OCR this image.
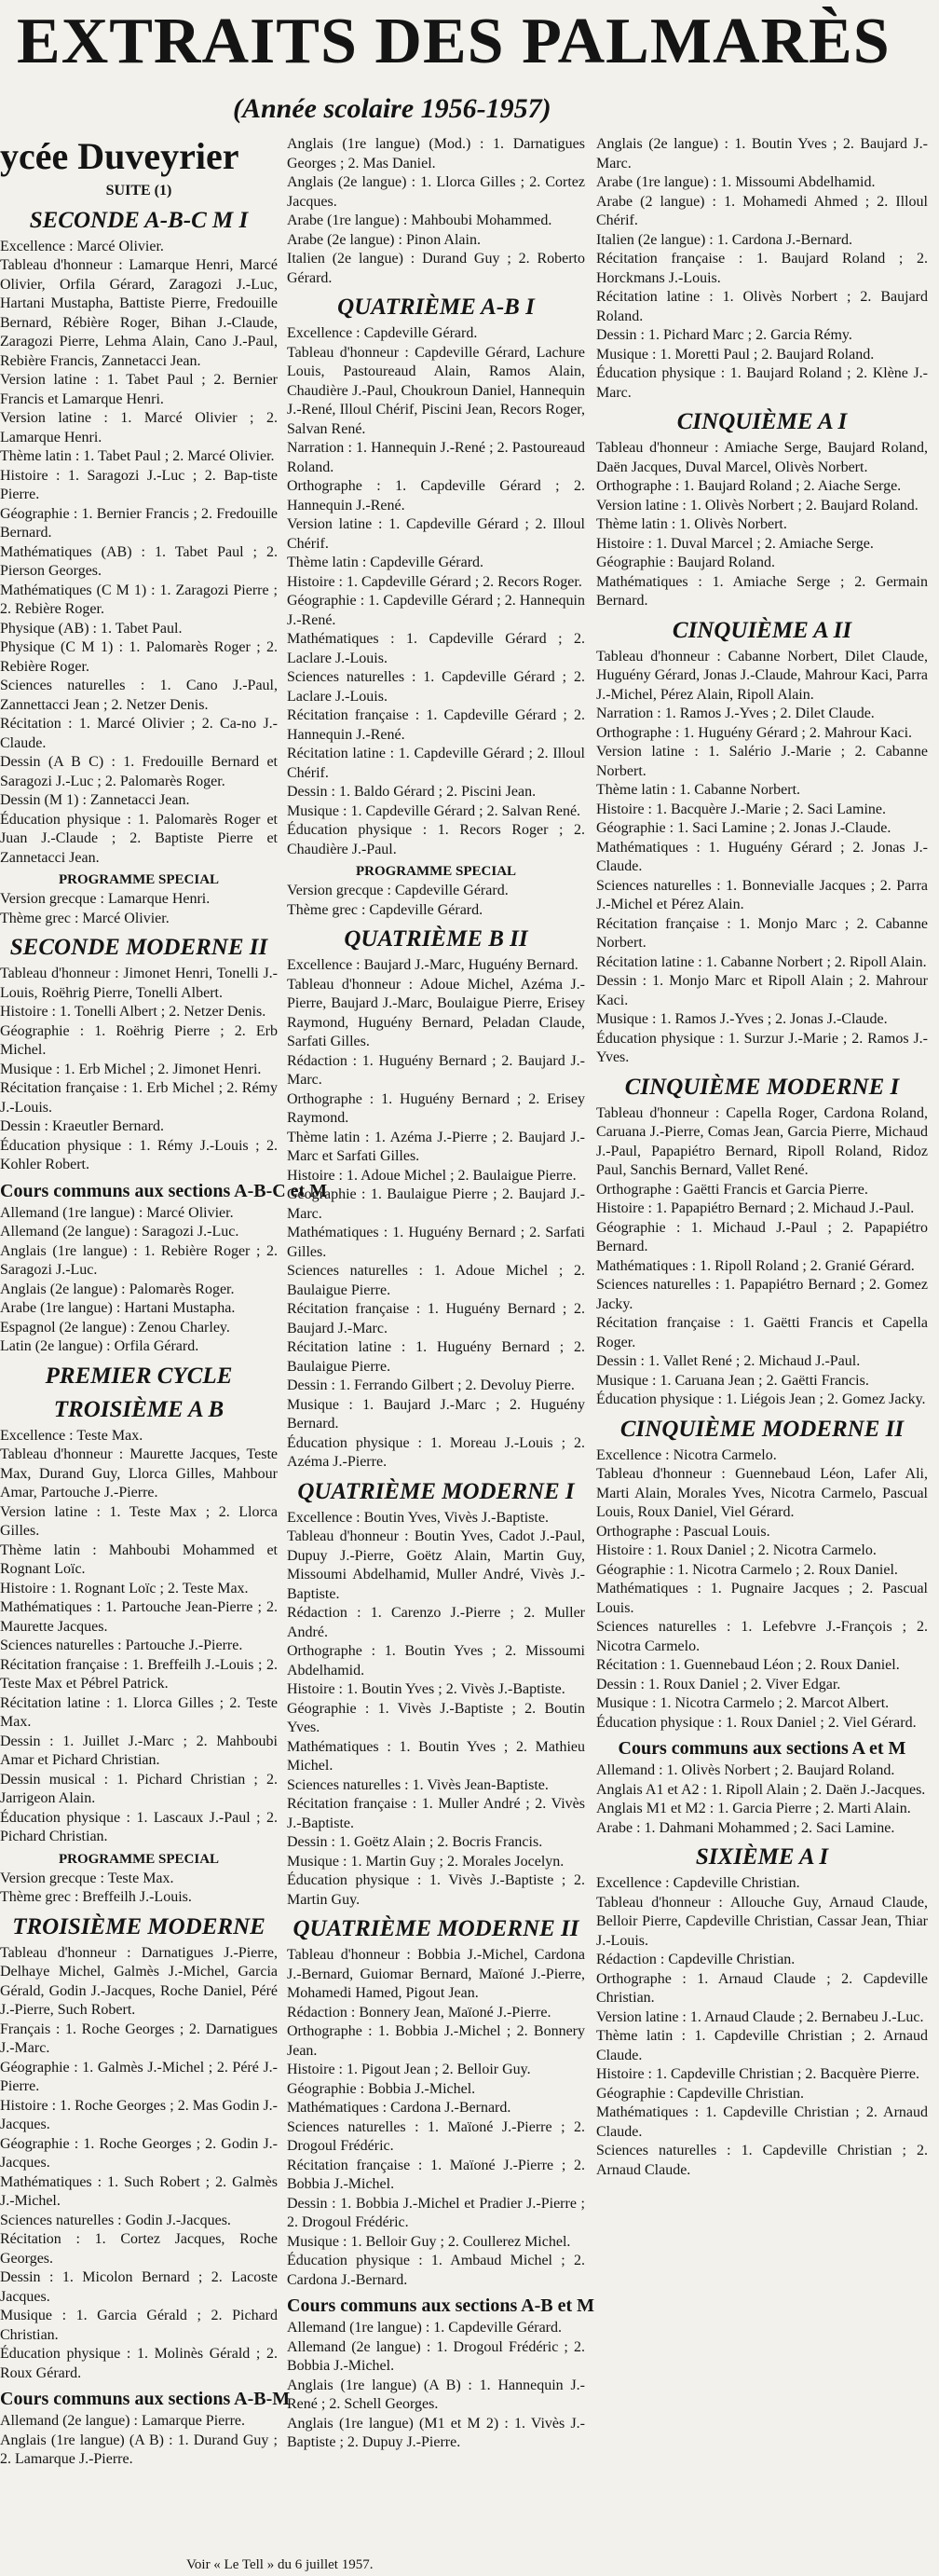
EXTRAITS DES PALMARÈS
(Année scolaire 1956-1957)
ycée Duveyrier
SUITE (1)
SECONDE A-B-C M I

Excellence : Marcé Olivier.

Tableau d'honneur : Lamarque Henri, Marcé Olivier, Orfila Gérard, Zaragozi J.-Luc, Hartani Mustapha, Battiste Pierre, Fredouille Bernard, Rébière Roger, Bihan J.-Claude, Zaragozi Pierre, Lehma Alain, Cano J.-Paul, Rebière Francis, Zannetacci Jean.

Version latine : 1. Tabet Paul ; 2. Bernier Francis et Lamarque Henri.

Version latine : 1. Marcé Olivier ; 2. Lamarque Henri.

Thème latin : 1. Tabet Paul ; 2. Marcé Olivier.

Histoire : 1. Saragozi J.-Luc ; 2. Bap-tiste Pierre.

Géographie : 1. Bernier Francis ; 2. Fredouille Bernard.

Mathématiques (AB) : 1. Tabet Paul ; 2. Pierson Georges.

Mathématiques (C M 1) : 1. Zaragozi Pierre ; 2. Rebière Roger.

Physique (AB) : 1. Tabet Paul.

Physique (C M 1) : 1. Palomarès Roger ; 2. Rebière Roger.

Sciences naturelles : 1. Cano J.-Paul, Zannettacci Jean ; 2. Netzer Denis.

Récitation : 1. Marcé Olivier ; 2. Ca-no J.-Claude.

Dessin (A B C) : 1. Fredouille Bernard et Saragozi J.-Luc ; 2. Palomarès Roger.

Dessin (M 1) : Zannetacci Jean.

Éducation physique : 1. Palomarès Roger et Juan J.-Claude ; 2. Baptiste Pierre et Zannetacci Jean.

PROGRAMME SPECIAL

Version grecque : Lamarque Henri.

Thème grec : Marcé Olivier.

SECONDE MODERNE II

Tableau d'honneur : Jimonet Henri, Tonelli J.-Louis, Roëhrig Pierre, Tonelli Albert.

Histoire : 1. Tonelli Albert ; 2. Netzer Denis.

Géographie : 1. Roëhrig Pierre ; 2. Erb Michel.

Musique : 1. Erb Michel ; 2. Jimonet Henri.

Récitation française : 1. Erb Michel ; 2. Rémy J.-Louis.

Dessin : Kraeutler Bernard.

Éducation physique : 1. Rémy J.-Louis ; 2. Kohler Robert.

Cours communs aux sections A-B-C et M

Allemand (1re langue) : Marcé Olivier.

Allemand (2e langue) : Saragozi J.-Luc.

Anglais (1re langue) : 1. Rebière Roger ; 2. Saragozi J.-Luc.

Anglais (2e langue) : Palomarès Roger.

Arabe (1re langue) : Hartani Mustapha.

Espagnol (2e langue) : Zenou Charley.

Latin (2e langue) : Orfila Gérard.

PREMIER CYCLE
TROISIÈME A B

Excellence : Teste Max.

Tableau d'honneur : Maurette Jacques, Teste Max, Durand Guy, Llorca Gilles, Mahbour Amar, Partouche J.-Pierre.

Version latine : 1. Teste Max ; 2. Llorca Gilles.

Thème latin : Mahboubi Mohammed et Rognant Loïc.

Histoire : 1. Rognant Loïc ; 2. Teste Max.

Mathématiques : 1. Partouche Jean-Pierre ; 2. Maurette Jacques.

Sciences naturelles : Partouche J.-Pierre.

Récitation française : 1. Breffeilh J.-Louis ; 2. Teste Max et Pébrel Patrick.

Récitation latine : 1. Llorca Gilles ; 2. Teste Max.

Dessin : 1. Juillet J.-Marc ; 2. Mahboubi Amar et Pichard Christian.

Dessin musical : 1. Pichard Christian ; 2. Jarrigeon Alain.

Éducation physique : 1. Lascaux J.-Paul ; 2. Pichard Christian.

PROGRAMME SPECIAL

Version grecque : Teste Max.

Thème grec : Breffeilh J.-Louis.

TROISIÈME MODERNE

Tableau d'honneur : Darnatigues J.-Pierre, Delhaye Michel, Galmès J.-Michel, Garcia Gérald, Godin J.-Jacques, Roche Daniel, Péré J.-Pierre, Such Robert.

Français : 1. Roche Georges ; 2. Darnatigues J.-Marc.

Géographie : 1. Galmès J.-Michel ; 2. Péré J.-Pierre.

Histoire : 1. Roche Georges ; 2. Mas Godin J.-Jacques.

Géographie : 1. Roche Georges ; 2. Godin J.-Jacques.

Mathématiques : 1. Such Robert ; 2. Galmès J.-Michel.

Sciences naturelles : Godin J.-Jacques.

Récitation : 1. Cortez Jacques, Roche Georges.

Dessin : 1. Micolon Bernard ; 2. Lacoste Jacques.

Musique : 1. Garcia Gérald ; 2. Pichard Christian.

Éducation physique : 1. Molinès Gérald ; 2. Roux Gérard.

Cours communs aux sections A-B-M

Allemand (2e langue) : Lamarque Pierre.

Anglais (1re langue) (A B) : 1. Durand Guy ; 2. Lamarque J.-Pierre.

Anglais (1re langue) (Mod.) : 1. Darnatigues Georges ; 2. Mas Daniel.

Anglais (2e langue) : 1. Llorca Gilles ; 2. Cortez Jacques.

Arabe (1re langue) : Mahboubi Mohammed.

Arabe (2e langue) : Pinon Alain.

Italien (2e langue) : Durand Guy ; 2. Roberto Gérard.

QUATRIÈME A-B I

Excellence : Capdeville Gérard.

Tableau d'honneur : Capdeville Gérard, Lachure Louis, Pastoureaud Alain, Ramos Alain, Chaudière J.-Paul, Choukroun Daniel, Hannequin J.-René, Illoul Chérif, Piscini Jean, Recors Roger, Salvan René.

Narration : 1. Hannequin J.-René ; 2. Pastoureaud Roland.

Orthographe : 1. Capdeville Gérard ; 2. Hannequin J.-René.

Version latine : 1. Capdeville Gérard ; 2. Illoul Chérif.

Thème latin : Capdeville Gérard.

Histoire : 1. Capdeville Gérard ; 2. Recors Roger.

Géographie : 1. Capdeville Gérard ; 2. Hannequin J.-René.

Mathématiques : 1. Capdeville Gérard ; 2. Laclare J.-Louis.

Sciences naturelles : 1. Capdeville Gérard ; 2. Laclare J.-Louis.

Récitation française : 1. Capdeville Gérard ; 2. Hannequin J.-René.

Récitation latine : 1. Capdeville Gérard ; 2. Illoul Chérif.

Dessin : 1. Baldo Gérard ; 2. Piscini Jean.

Musique : 1. Capdeville Gérard ; 2. Salvan René.

Éducation physique : 1. Recors Roger ; 2. Chaudière J.-Paul.

PROGRAMME SPECIAL

Version grecque : Capdeville Gérard.

Thème grec : Capdeville Gérard.

QUATRIÈME B II

Excellence : Baujard J.-Marc, Huguény Bernard.

Tableau d'honneur : Adoue Michel, Azéma J.-Pierre, Baujard J.-Marc, Boulaigue Pierre, Erisey Raymond, Huguény Bernard, Peladan Claude, Sarfati Gilles.

Rédaction : 1. Huguény Bernard ; 2. Baujard J.-Marc.

Orthographe : 1. Huguény Bernard ; 2. Erisey Raymond.

Thème latin : 1. Azéma J.-Pierre ; 2. Baujard J.-Marc et Sarfati Gilles.

Histoire : 1. Adoue Michel ; 2. Baulaigue Pierre.

Géographie : 1. Baulaigue Pierre ; 2. Baujard J.-Marc.

Mathématiques : 1. Huguény Bernard ; 2. Sarfati Gilles.

Sciences naturelles : 1. Adoue Michel ; 2. Baulaigue Pierre.

Récitation française : 1. Huguény Bernard ; 2. Baujard J.-Marc.

Récitation latine : 1. Huguény Bernard ; 2. Baulaigue Pierre.

Dessin : 1. Ferrando Gilbert ; 2. Devoluy Pierre.

Musique : 1. Baujard J.-Marc ; 2. Huguény Bernard.

Éducation physique : 1. Moreau J.-Louis ; 2. Azéma J.-Pierre.

QUATRIÈME MODERNE I

Excellence : Boutin Yves, Vivès J.-Baptiste.

Tableau d'honneur : Boutin Yves, Cadot J.-Paul, Dupuy J.-Pierre, Goëtz Alain, Martin Guy, Missoumi Abdelhamid, Muller André, Vivès J.-Baptiste.

Rédaction : 1. Carenzo J.-Pierre ; 2. Muller André.

Orthographe : 1. Boutin Yves ; 2. Missoumi Abdelhamid.

Histoire : 1. Boutin Yves ; 2. Vivès J.-Baptiste.

Géographie : 1. Vivès J.-Baptiste ; 2. Boutin Yves.

Mathématiques : 1. Boutin Yves ; 2. Mathieu Michel.

Sciences naturelles : 1. Vivès Jean-Baptiste.

Récitation française : 1. Muller André ; 2. Vivès J.-Baptiste.

Dessin : 1. Goëtz Alain ; 2. Bocris Francis.

Musique : 1. Martin Guy ; 2. Morales Jocelyn.

Éducation physique : 1. Vivès J.-Baptiste ; 2. Martin Guy.

QUATRIÈME MODERNE II

Tableau d'honneur : Bobbia J.-Michel, Cardona J.-Bernard, Guiomar Bernard, Maïoné J.-Pierre, Mohamedi Hamed, Pigout Jean.

Rédaction : Bonnery Jean, Maïoné J.-Pierre.

Orthographe : 1. Bobbia J.-Michel ; 2. Bonnery Jean.

Histoire : 1. Pigout Jean ; 2. Belloir Guy.

Géographie : Bobbia J.-Michel.

Mathématiques : Cardona J.-Bernard.

Sciences naturelles : 1. Maïoné J.-Pierre ; 2. Drogoul Frédéric.

Récitation française : 1. Maïoné J.-Pierre ; 2. Bobbia J.-Michel.

Dessin : 1. Bobbia J.-Michel et Pradier J.-Pierre ; 2. Drogoul Frédéric.

Musique : 1. Belloir Guy ; 2. Coullerez Michel.

Éducation physique : 1. Ambaud Michel ; 2. Cardona J.-Bernard.

Cours communs aux sections A-B et M

Allemand (1re langue) : 1. Capdeville Gérard.

Allemand (2e langue) : 1. Drogoul Frédéric ; 2. Bobbia J.-Michel.

Anglais (1re langue) (A B) : 1. Hannequin J.-René ; 2. Schell Georges.

Anglais (1re langue) (M1 et M 2) : 1. Vivès J.-Baptiste ; 2. Dupuy J.-Pierre.

Anglais (2e langue) : 1. Boutin Yves ; 2. Baujard J.-Marc.

Arabe (1re langue) : 1. Missoumi Abdelhamid.

Arabe (2 langue) : 1. Mohamedi Ahmed ; 2. Illoul Chérif.

Italien (2e langue) : 1. Cardona J.-Bernard.

Récitation française : 1. Baujard Roland ; 2. Horckmans J.-Louis.

Récitation latine : 1. Olivès Norbert ; 2. Baujard Roland.

Dessin : 1. Pichard Marc ; 2. Garcia Rémy.

Musique : 1. Moretti Paul ; 2. Baujard Roland.

Éducation physique : 1. Baujard Roland ; 2. Klène J.-Marc.

CINQUIÈME A I

Tableau d'honneur : Amiache Serge, Baujard Roland, Daën Jacques, Duval Marcel, Olivès Norbert.

Orthographe : 1. Baujard Roland ; 2. Aiache Serge.

Version latine : 1. Olivès Norbert ; 2. Baujard Roland.

Thème latin : 1. Olivès Norbert.

Histoire : 1. Duval Marcel ; 2. Amiache Serge.

Géographie : Baujard Roland.

Mathématiques : 1. Amiache Serge ; 2. Germain Bernard.

CINQUIÈME A II

Tableau d'honneur : Cabanne Norbert, Dilet Claude, Huguény Gérard, Jonas J.-Claude, Mahrour Kaci, Parra J.-Michel, Pérez Alain, Ripoll Alain.

Narration : 1. Ramos J.-Yves ; 2. Dilet Claude.

Orthographe : 1. Huguény Gérard ; 2. Mahrour Kaci.

Version latine : 1. Salério J.-Marie ; 2. Cabanne Norbert.

Thème latin : 1. Cabanne Norbert.

Histoire : 1. Bacquère J.-Marie ; 2. Saci Lamine.

Géographie : 1. Saci Lamine ; 2. Jonas J.-Claude.

Mathématiques : 1. Huguény Gérard ; 2. Jonas J.-Claude.

Sciences naturelles : 1. Bonnevialle Jacques ; 2. Parra J.-Michel et Pérez Alain.

Récitation française : 1. Monjo Marc ; 2. Cabanne Norbert.

Récitation latine : 1. Cabanne Norbert ; 2. Ripoll Alain.

Dessin : 1. Monjo Marc et Ripoll Alain ; 2. Mahrour Kaci.

Musique : 1. Ramos J.-Yves ; 2. Jonas J.-Claude.

Éducation physique : 1. Surzur J.-Marie ; 2. Ramos J.-Yves.

CINQUIÈME MODERNE I

Tableau d'honneur : Capella Roger, Cardona Roland, Caruana J.-Pierre, Comas Jean, Garcia Pierre, Michaud J.-Paul, Papapiétro Bernard, Ripoll Roland, Ridoz Paul, Sanchis Bernard, Vallet René.

Orthographe : Gaëtti Francis et Garcia Pierre.

Histoire : 1. Papapiétro Bernard ; 2. Michaud J.-Paul.

Géographie : 1. Michaud J.-Paul ; 2. Papapiétro Bernard.

Mathématiques : 1. Ripoll Roland ; 2. Granié Gérard.

Sciences naturelles : 1. Papapiétro Bernard ; 2. Gomez Jacky.

Récitation française : 1. Gaëtti Francis et Capella Roger.

Dessin : 1. Vallet René ; 2. Michaud J.-Paul.

Musique : 1. Caruana Jean ; 2. Gaëtti Francis.

Éducation physique : 1. Liégois Jean ; 2. Gomez Jacky.

CINQUIÈME MODERNE II

Excellence : Nicotra Carmelo.

Tableau d'honneur : Guennebaud Léon, Lafer Ali, Marti Alain, Morales Yves, Nicotra Carmelo, Pascual Louis, Roux Daniel, Viel Gérard.

Orthographe : Pascual Louis.

Histoire : 1. Roux Daniel ; 2. Nicotra Carmelo.

Géographie : 1. Nicotra Carmelo ; 2. Roux Daniel.

Mathématiques : 1. Pugnaire Jacques ; 2. Pascual Louis.

Sciences naturelles : 1. Lefebvre J.-François ; 2. Nicotra Carmelo.

Récitation : 1. Guennebaud Léon ; 2. Roux Daniel.

Dessin : 1. Roux Daniel ; 2. Viver Edgar.

Musique : 1. Nicotra Carmelo ; 2. Marcot Albert.

Éducation physique : 1. Roux Daniel ; 2. Viel Gérard.

Cours communs aux sections A et M

Allemand : 1. Olivès Norbert ; 2. Baujard Roland.

Anglais A1 et A2 : 1. Ripoll Alain ; 2. Daën J.-Jacques.

Anglais M1 et M2 : 1. Garcia Pierre ; 2. Marti Alain.

Arabe : 1. Dahmani Mohammed ; 2. Saci Lamine.

SIXIÈME A I

Excellence : Capdeville Christian.

Tableau d'honneur : Allouche Guy, Arnaud Claude, Belloir Pierre, Capdeville Christian, Cassar Jean, Thiar J.-Louis.

Rédaction : Capdeville Christian.

Orthographe : 1. Arnaud Claude ; 2. Capdeville Christian.

Version latine : 1. Arnaud Claude ; 2. Bernabeu J.-Luc.

Thème latin : 1. Capdeville Christian ; 2. Arnaud Claude.

Histoire : 1. Capdeville Christian ; 2. Bacquère Pierre.

Géographie : Capdeville Christian.

Mathématiques : 1. Capdeville Christian ; 2. Arnaud Claude.

Sciences naturelles : 1. Capdeville Christian ; 2. Arnaud Claude.

Voir « Le Tell » du 6 juillet 1957.
